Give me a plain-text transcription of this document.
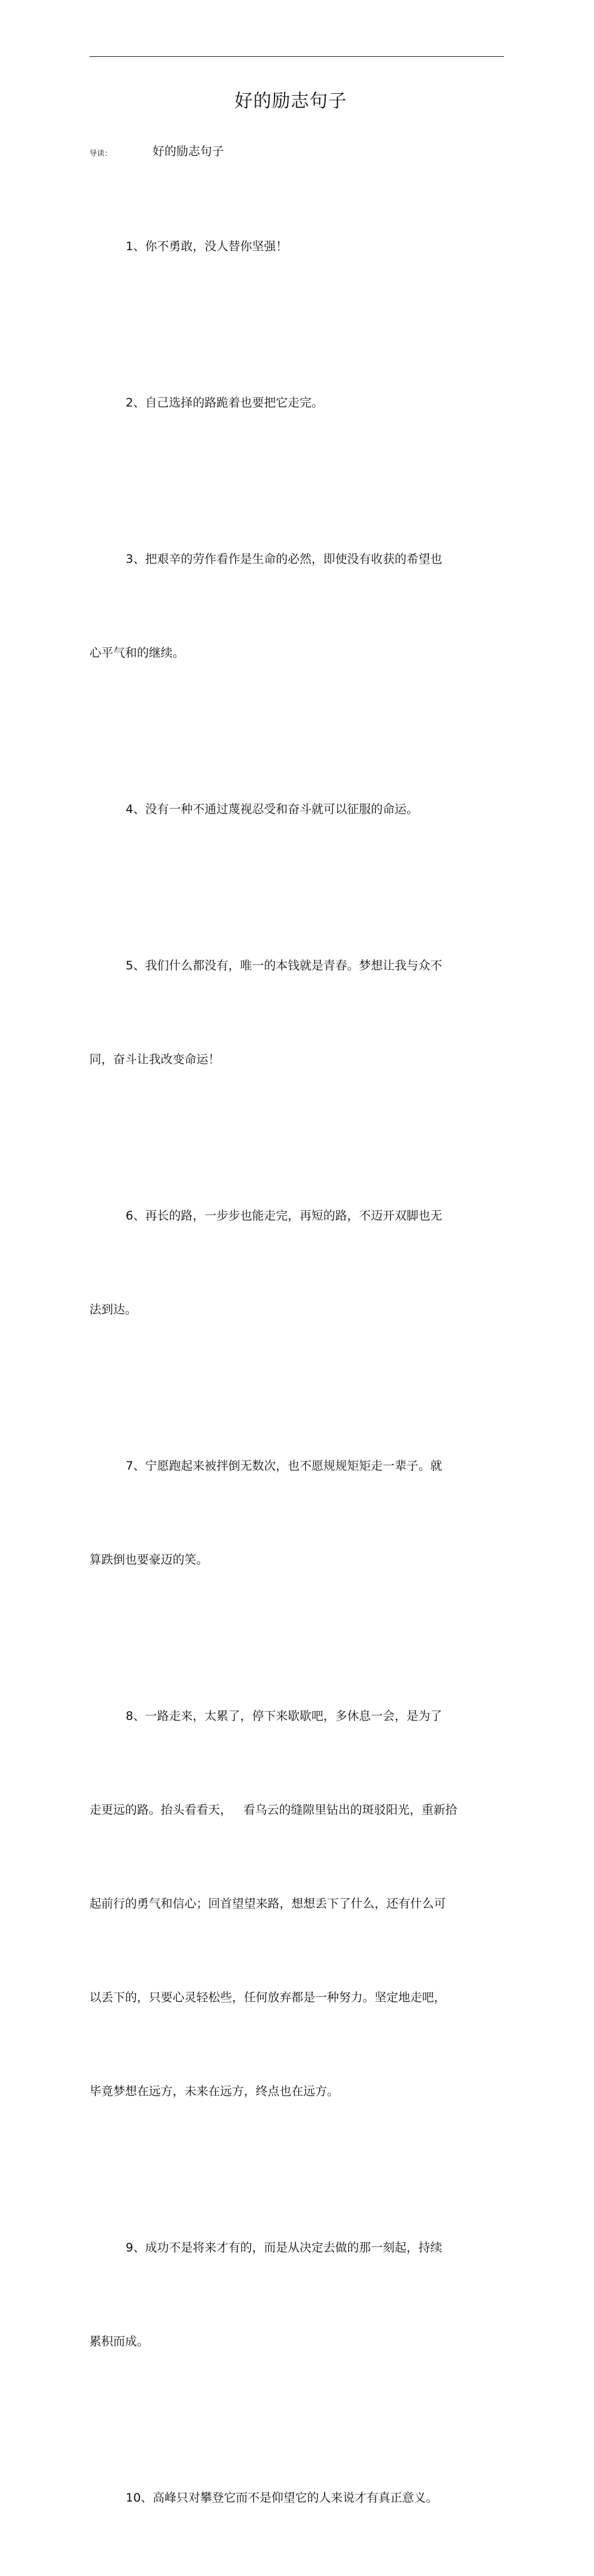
好的励志句子
导读：	好的励志句子

1、你不勇敢，没人替你坚强！

2、自己选择的路跪着也要把它走完。

3、把艰辛的劳作看作是生命的必然，即使没有收获的希望也

心平气和的继续。

4、没有一种不通过蔑视忍受和奋斗就可以征服的命运。

5、我们什么都没有，唯一的本钱就是青春。梦想让我与众不

同，奋斗让我改变命运！

6、再长的路，一步步也能走完，再短的路，不迈开双脚也无

法到达。

7、宁愿跑起来被拌倒无数次，也不愿规规矩矩走一辈子。就

算跌倒也要豪迈的笑。

8、一路走来，太累了，停下来歇歇吧，多休息一会，是为了

走更远的路。抬头看看天，   看乌云的缝隙里钻出的斑驳阳光，重新拾

起前行的勇气和信心；回首望望来路，想想丢下了什么，还有什么可

以丢下的，只要心灵轻松些，任何放弃都是一种努力。坚定地走吧，

毕竟梦想在远方，未来在远方，终点也在远方。

9、成功不是将来才有的，而是从决定去做的那一刻起，持续

累积而成。

10、高峰只对攀登它而不是仰望它的人来说才有真正意义。
